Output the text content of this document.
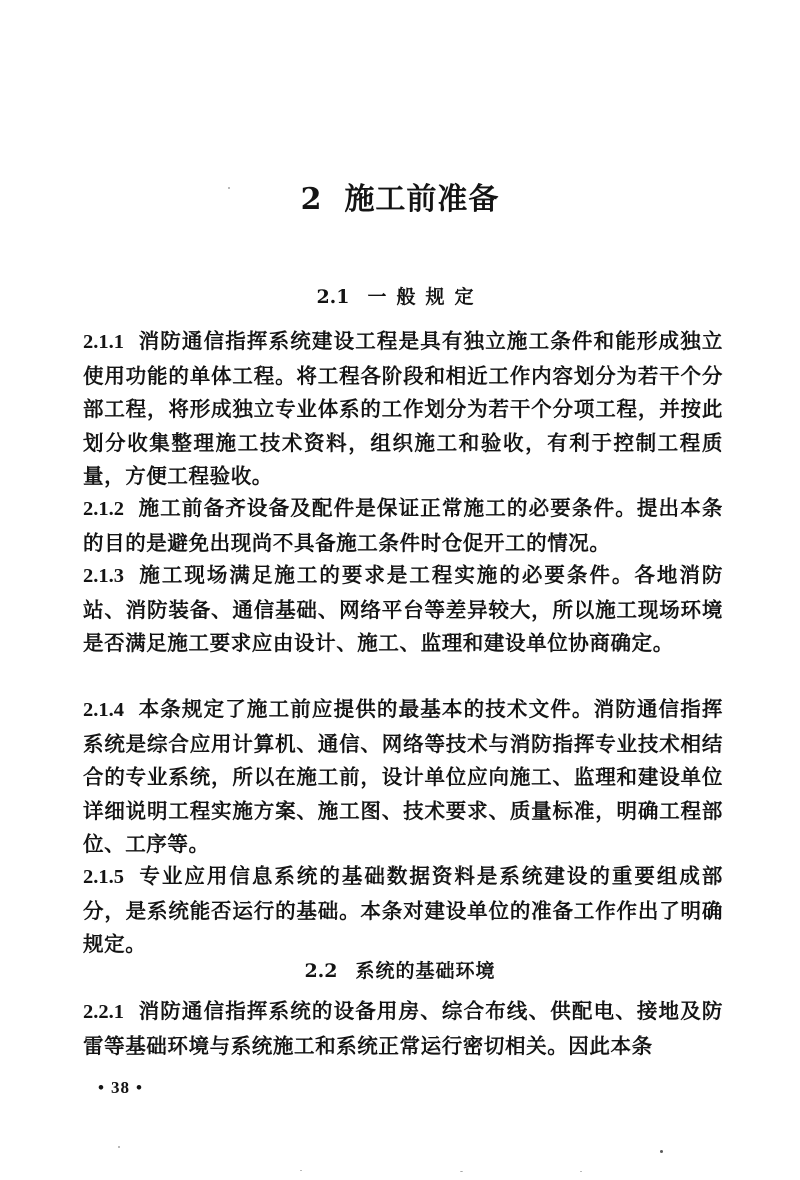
2 施工前准备
2.1 一般规定
2.1.1 消防通信指挥系统建设工程是具有独立施工条件和能形成独立使用功能的单体工程。将工程各阶段和相近工作内容划分为若干个分部工程，将形成独立专业体系的工作划分为若干个分项工程，并按此划分收集整理施工技术资料，组织施工和验收，有利于控制工程质量，方便工程验收。
2.1.2 施工前备齐设备及配件是保证正常施工的必要条件。提出本条的目的是避免出现尚不具备施工条件时仓促开工的情况。
2.1.3 施工现场满足施工的要求是工程实施的必要条件。各地消防站、消防装备、通信基础、网络平台等差异较大，所以施工现场环境是否满足施工要求应由设计、施工、监理和建设单位协商确定。
2.1.4 本条规定了施工前应提供的最基本的技术文件。消防通信指挥系统是综合应用计算机、通信、网络等技术与消防指挥专业技术相结合的专业系统，所以在施工前，设计单位应向施工、监理和建设单位详细说明工程实施方案、施工图、技术要求、质量标准，明确工程部位、工序等。
2.1.5 专业应用信息系统的基础数据资料是系统建设的重要组成部分，是系统能否运行的基础。本条对建设单位的准备工作作出了明确规定。
2.2 系统的基础环境
2.2.1 消防通信指挥系统的设备用房、综合布线、供配电、接地及防雷等基础环境与系统施工和系统正常运行密切相关。因此本条
• 38 •
